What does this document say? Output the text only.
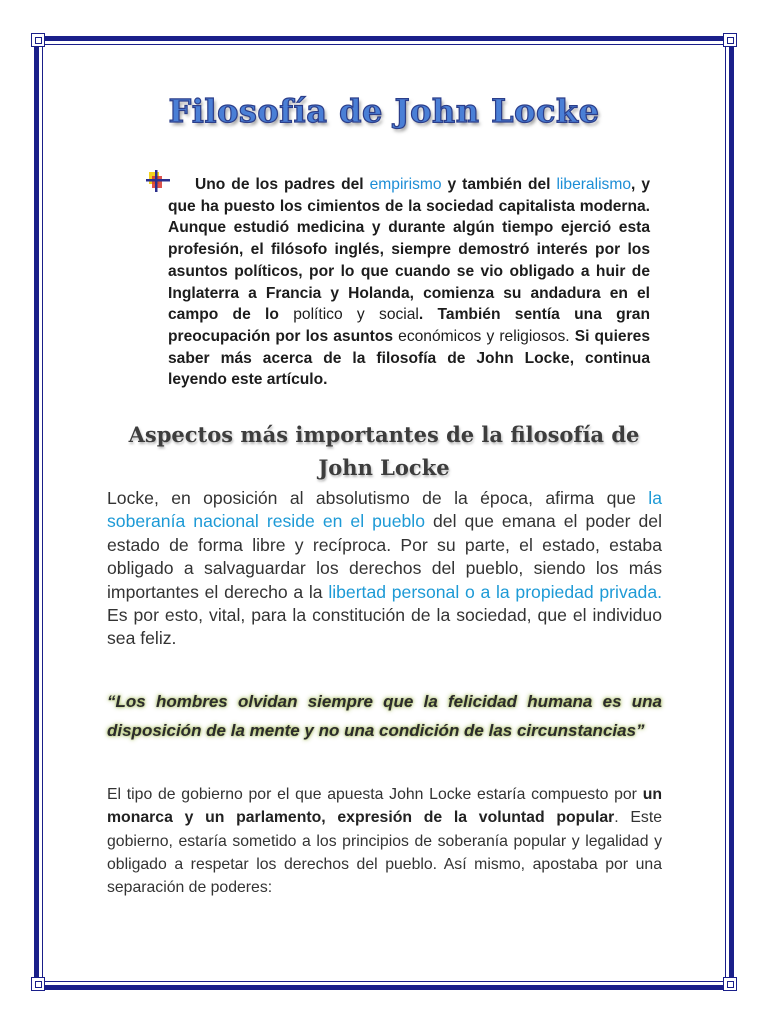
Filosofía de John Locke
Uno de los padres del empirismo y también del liberalismo, y que ha puesto los cimientos de la sociedad capitalista moderna. Aunque estudió medicina y durante algún tiempo ejerció esta profesión, el filósofo inglés, siempre demostró interés por los asuntos políticos, por lo que cuando se vio obligado a huir de Inglaterra a Francia y Holanda, comienza su andadura en el campo de lo político y social. También sentía una gran preocupación por los asuntos económicos y religiosos. Si quieres saber más acerca de la filosofía de John Locke, continua leyendo este artículo.
Aspectos más importantes de la filosofía de John Locke
Locke, en oposición al absolutismo de la época, afirma que la soberanía nacional reside en el pueblo del que emana el poder del estado de forma libre y recíproca. Por su parte, el estado, estaba obligado a salvaguardar los derechos del pueblo, siendo los más importantes el derecho a la libertad personal o a la propiedad privada. Es por esto, vital, para la constitución de la sociedad, que el individuo sea feliz.
“Los hombres olvidan siempre que la felicidad humana es una disposición de la mente y no una condición de las circunstancias”
El tipo de gobierno por el que apuesta John Locke estaría compuesto por un monarca y un parlamento, expresión de la voluntad popular. Este gobierno, estaría sometido a los principios de soberanía popular y legalidad y obligado a respetar los derechos del pueblo. Así mismo, apostaba por una separación de poderes:
